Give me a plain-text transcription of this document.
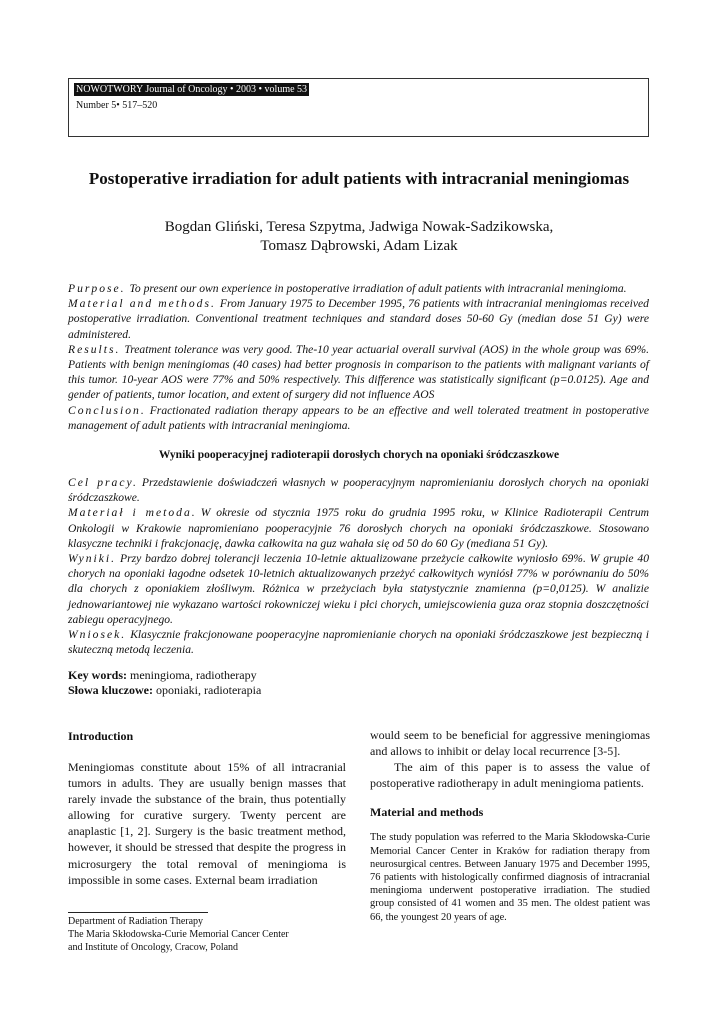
NOWOTWORY Journal of Oncology • 2003 • volume 53
Number 5• 517–520
Postoperative irradiation for adult patients with intracranial meningiomas
Bogdan Gliński, Teresa Szpytma, Jadwiga Nowak-Sadzikowska,
Tomasz Dąbrowski, Adam Lizak

Purpose. To present our own experience in postoperative irradiation of adult patients with intracranial meningioma.

Material and methods. From January 1975 to December 1995, 76 patients with intracranial meningiomas received postoperative irradiation. Conventional treatment techniques and standard doses 50-60 Gy (median dose 51 Gy) were administered.

Results. Treatment tolerance was very good. The-10 year actuarial overall survival (AOS) in the whole group was 69%. Patients with benign meningiomas (40 cases) had better prognosis in comparison to the patients with malignant variants of this tumor. 10-year AOS were 77% and 50% respectively. This difference was statistically significant (p=0.0125). Age and gender of patients, tumor location, and extent of surgery did not influence AOS

Conclusion. Fractionated radiation therapy appears to be an effective and well tolerated treatment in postoperative management of adult patients with intracranial meningioma.

Wyniki pooperacyjnej radioterapii dorosłych chorych na oponiaki śródczaszkowe

Cel pracy. Przedstawienie doświadczeń własnych w pooperacyjnym napromienianiu dorosłych chorych na oponiaki śródczaszkowe.

Materiał i metoda. W okresie od stycznia 1975 roku do grudnia 1995 roku, w Klinice Radioterapii Centrum Onkologii w Krakowie napromieniano pooperacyjnie 76 dorosłych chorych na oponiaki śródczaszkowe. Stosowano klasyczne techniki i frakcjonację, dawka całkowita na guz wahała się od 50 do 60 Gy (mediana 51 Gy).

Wyniki. Przy bardzo dobrej tolerancji leczenia 10-letnie aktualizowane przeżycie całkowite wyniosło 69%. W grupie 40 chorych na oponiaki łagodne odsetek 10-letnich aktualizowanych przeżyć całkowitych wyniósł 77% w porównaniu do 50% dla chorych z oponiakiem złośliwym. Różnica w przeżyciach była statystycznie znamienna (p=0,0125). W analizie jednowariantowej nie wykazano wartości rokowniczej wieku i płci chorych, umiejscowienia guza oraz stopnia doszczętności zabiegu operacyjnego.

Wniosek. Klasycznie frakcjonowane pooperacyjne napromienianie chorych na oponiaki śródczaszkowe jest bezpieczną i skuteczną metodą leczenia.

Key words: meningioma, radiotherapy
Słowa kluczowe: oponiaki, radioterapia

Introduction

Meningiomas constitute about 15% of all intracranial tumors in adults. They are usually benign masses that rarely invade the substance of the brain, thus potentially allowing for curative surgery. Twenty percent are anaplastic [1, 2]. Surgery is the basic treatment method, however, it should be stressed that despite the progress in microsurgery the total removal of meningioma is impossible in some cases. External beam irradiation

would seem to be beneficial for aggressive meningiomas and allows to inhibit or delay local recurrence [3-5].

The aim of this paper is to assess the value of postoperative radiotherapy in adult meningioma patients.

Material and methods

The study population was referred to the Maria Skłodowska-Curie Memorial Cancer Center in Kraków for radiation therapy from neurosurgical centres. Between January 1975 and December 1995, 76 patients with histologically confirmed diagnosis of intracranial meningioma underwent postoperative irradiation. The studied group consisted of 41 women and 35 men. The oldest patient was 66, the youngest 20 years of age.

Department of Radiation Therapy
The Maria Skłodowska-Curie Memorial Cancer Center
and Institute of Oncology, Cracow, Poland
